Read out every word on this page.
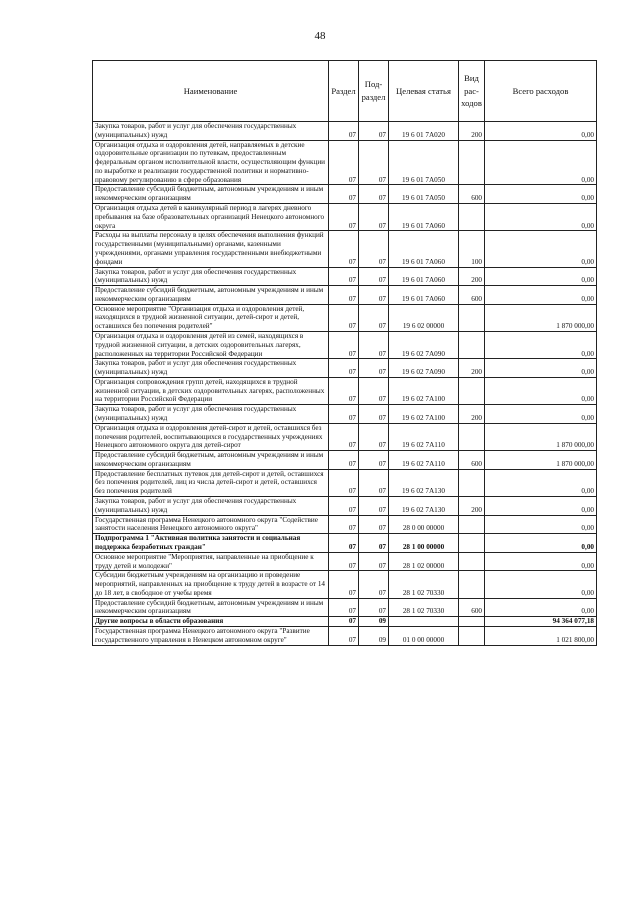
48
Наименование	Раздел	Под-раздел	Целевая статья	Вид рас-ходов	Всего расходов
Закупка товаров, работ и услуг для обеспечения государственных (муниципальных) нужд	07	07	19 6 01 7А020	200	0,00
Организация отдыха и оздоровления детей, направляемых в детские оздоровительные организации по путевкам, предоставленным федеральным органом исполнительной власти, осуществляющим функции по выработке и реализации государственной политики и нормативно-правовому регулированию в сфере образования	07	07	19 6 01 7А050		0,00
Предоставление субсидий бюджетным, автономным учреждениям и иным некоммерческим организациям	07	07	19 6 01 7А050	600	0,00
Организация отдыха детей в каникулярный период в лагерях дневного пребывания на базе образовательных организаций Ненецкого автономного округа	07	07	19 6 01 7А060		0,00
Расходы на выплаты персоналу в целях обеспечения выполнения функций государственными (муниципальными) органами, казенными учреждениями, органами управления государственными внебюджетными фондами	07	07	19 6 01 7А060	100	0,00
Закупка товаров, работ и услуг для обеспечения государственных (муниципальных) нужд	07	07	19 6 01 7А060	200	0,00
Предоставление субсидий бюджетным, автономным учреждениям и иным некоммерческим организациям	07	07	19 6 01 7А060	600	0,00
Основное мероприятие "Организация отдыха и оздоровления детей, находящихся в трудной жизненной ситуации, детей-сирот и детей, оставшихся без попечения родителей"	07	07	19 6 02 00000		1 870 000,00
Организация отдыха и оздоровления детей из семей, находящихся в трудной жизненной ситуации, в детских оздоровительных лагерях, расположенных на территории Российской Федерации	07	07	19 6 02 7А090		0,00
Закупка товаров, работ и услуг для обеспечения государственных (муниципальных) нужд	07	07	19 6 02 7А090	200	0,00
Организация сопровождения групп детей, находящихся в трудной жизненной ситуации, в детских оздоровительных лагерях, расположенных на территории Российской Федерации	07	07	19 6 02 7А100		0,00
Закупка товаров, работ и услуг для обеспечения государственных (муниципальных) нужд	07	07	19 6 02 7А100	200	0,00
Организация отдыха и оздоровления детей-сирот и детей, оставшихся без попечения родителей, воспитывающихся в государственных учреждениях Ненецкого автономного округа для детей-сирот	07	07	19 6 02 7А110		1 870 000,00
Предоставление субсидий бюджетным, автономным учреждениям и иным некоммерческим организациям	07	07	19 6 02 7А110	600	1 870 000,00
Предоставление бесплатных путевок для детей-сирот и детей, оставшихся без попечения родителей, лиц из числа детей-сирот и детей, оставшихся без попечения родителей	07	07	19 6 02 7А130		0,00
Закупка товаров, работ и услуг для обеспечения государственных (муниципальных) нужд	07	07	19 6 02 7А130	200	0,00
Государственная программа Ненецкого автономного округа "Содействие занятости населения Ненецкого автономного округа"	07	07	28 0 00 00000		0,00
Подпрограмма 1 "Активная политика занятости и социальная поддержка безработных граждан"	07	07	28 1 00 00000		0,00
Основное мероприятие "Мероприятия, направленные на приобщение к труду детей и молодежи"	07	07	28 1 02 00000		0,00
Субсидии бюджетным учреждениям на организацию и проведение мероприятий, направленных на приобщение к труду детей в возрасте от 14 до 18 лет, в свободное от учебы время	07	07	28 1 02 70330		0,00
Предоставление субсидий бюджетным, автономным учреждениям и иным некоммерческим организациям	07	07	28 1 02 70330	600	0,00
Другие вопросы в области образования	07	09			94 364 077,18
Государственная программа Ненецкого автономного округа "Развитие государственного управления в Ненецком автономном округе"	07	09	01 0 00 00000		1 021 800,00
